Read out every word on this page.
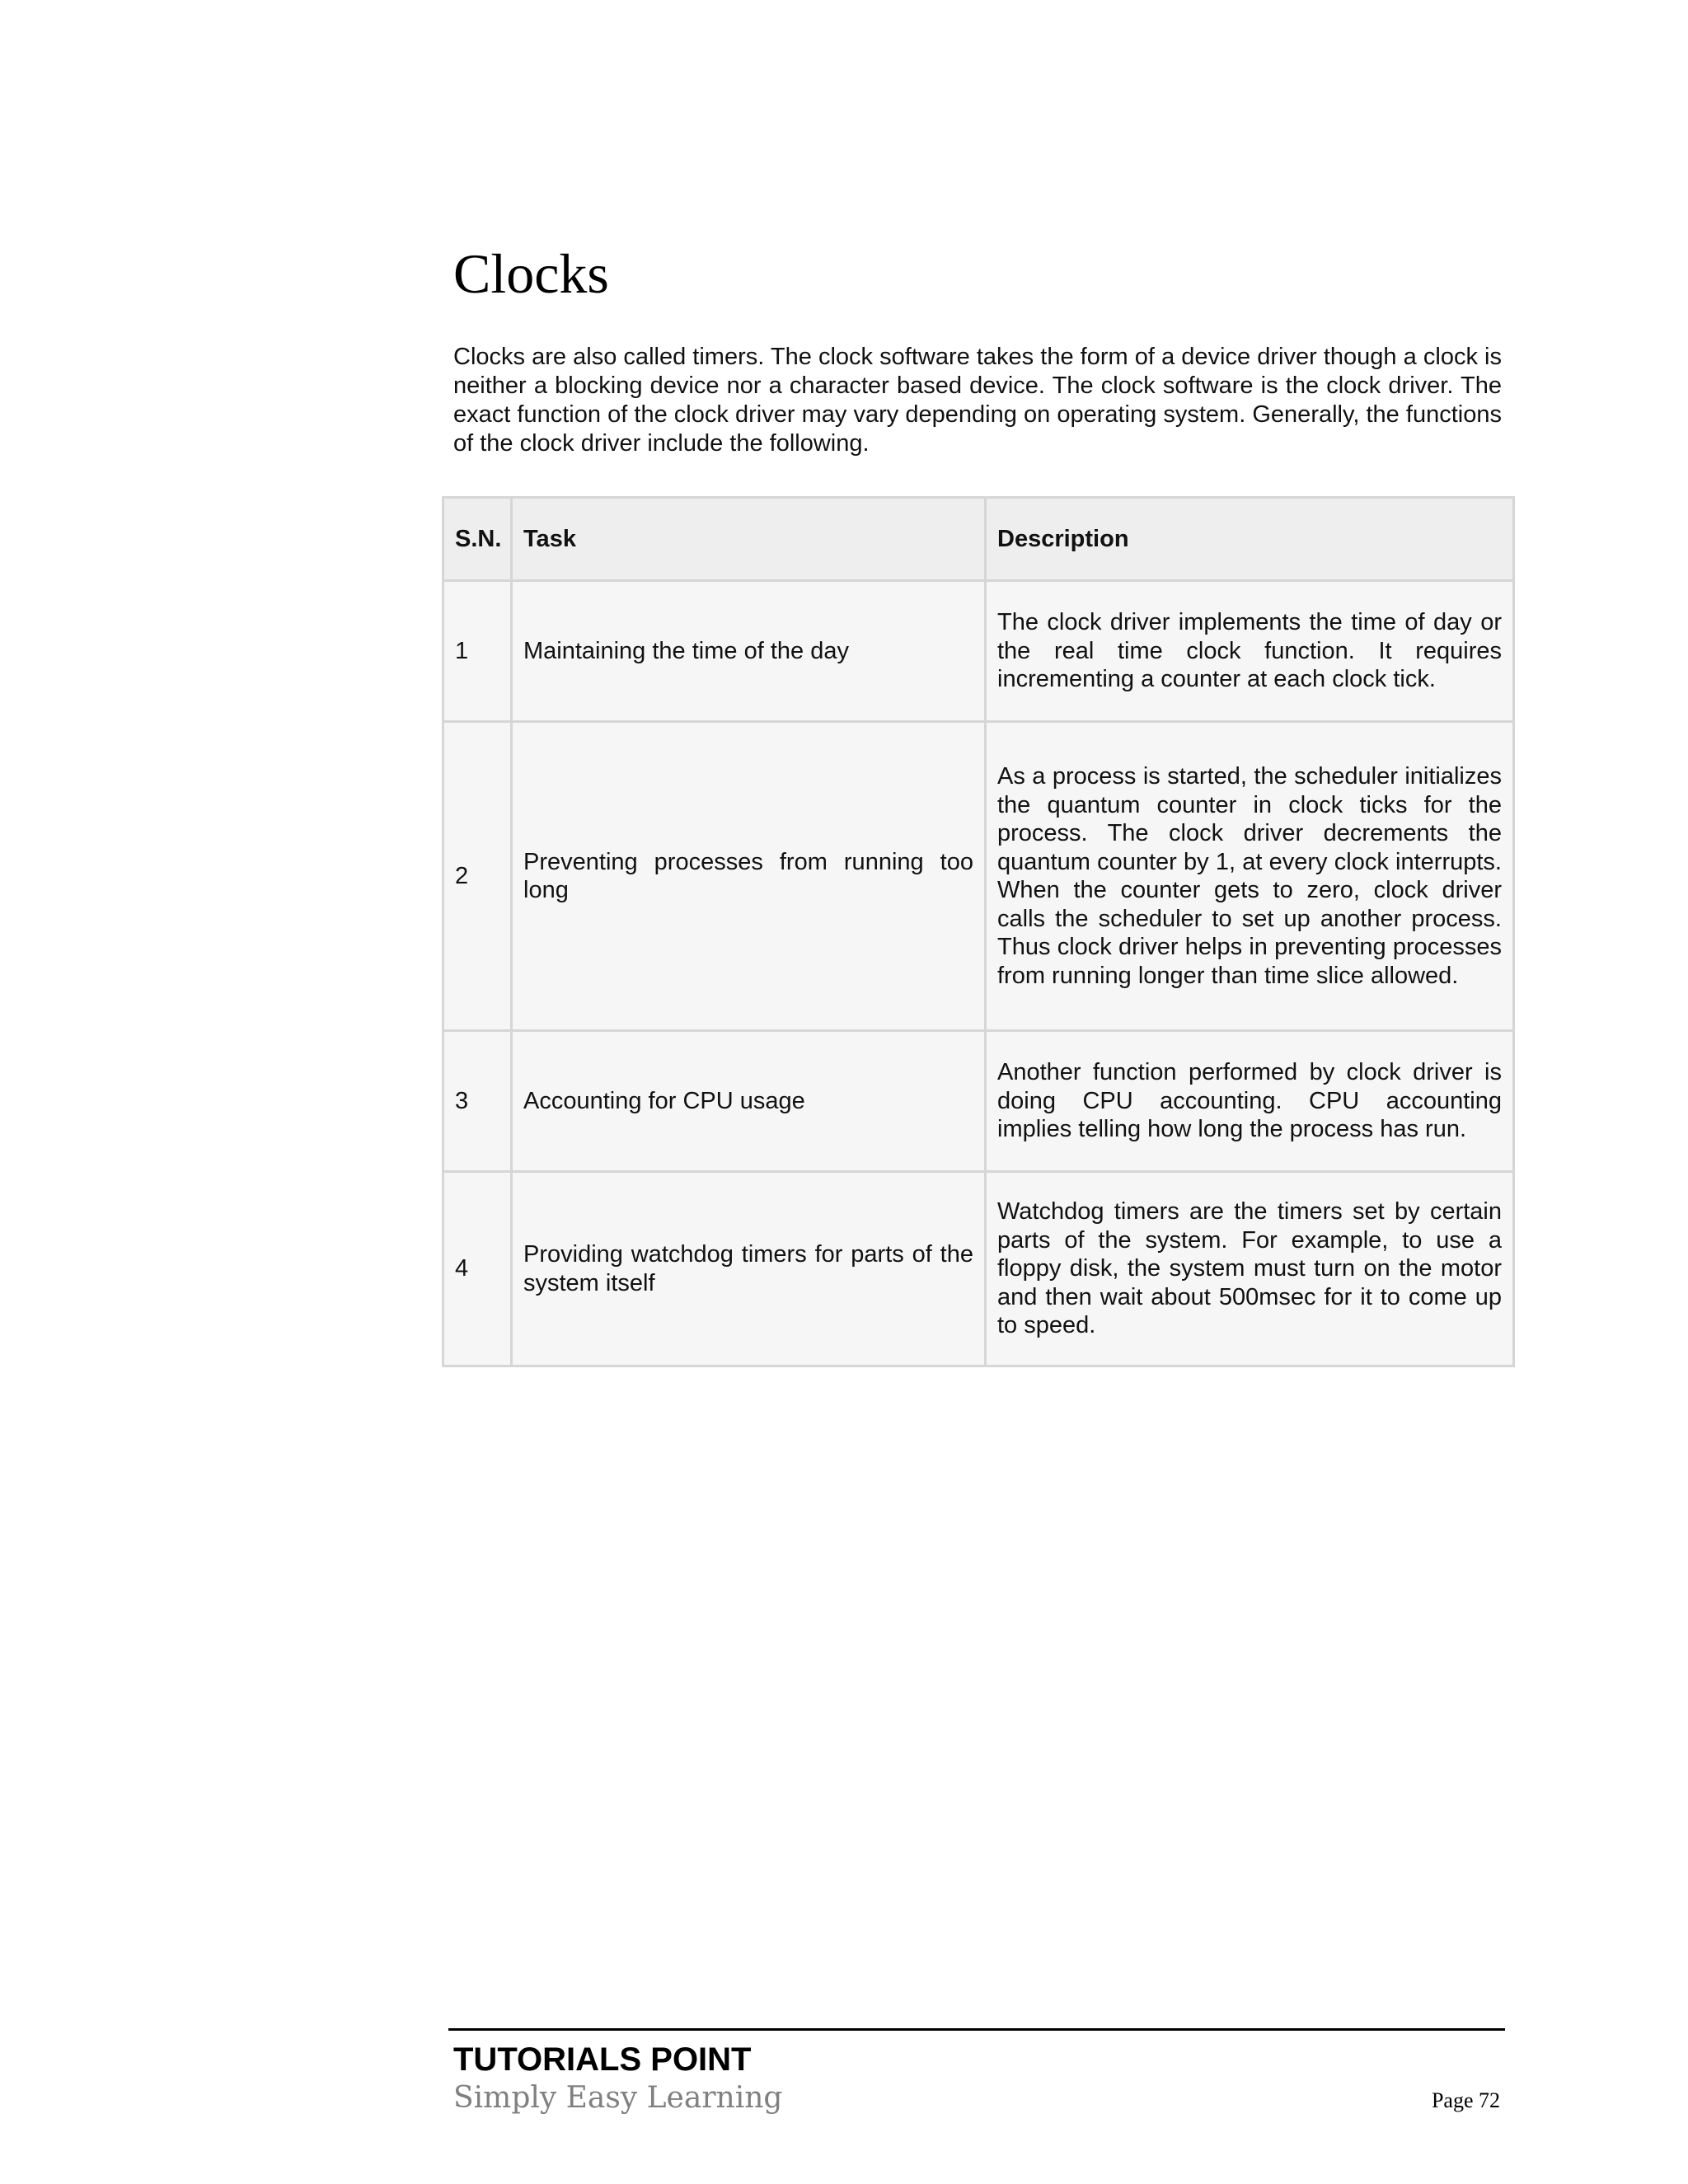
Clocks

Clocks are also called timers. The clock software takes the form of a device driver though a clock is neither a blocking device nor a character based device. The clock software is the clock driver. The exact function of the clock driver may vary depending on operating system. Generally, the functions of the clock driver include the following.

S.N.	Task	Description
1	Maintaining the time of the day	The clock driver implements the time of day or the real time clock function. It requires incrementing a counter at each clock tick.
2	Preventing processes from running too long	As a process is started, the scheduler initializes the quantum counter in clock ticks for the process. The clock driver decrements the quantum counter by 1, at every clock interrupts. When the counter gets to zero, clock driver calls the scheduler to set up another process. Thus clock driver helps in preventing processes from running longer than time slice allowed.
3	Accounting for CPU usage	Another function performed by clock driver is doing CPU accounting. CPU accounting implies telling how long the process has run.
4	Providing watchdog timers for parts of the system itself	Watchdog timers are the timers set by certain parts of the system. For example, to use a floppy disk, the system must turn on the motor and then wait about 500msec for it to come up to speed.
TUTORIALS POINT
Simply Easy Learning	Page 72
